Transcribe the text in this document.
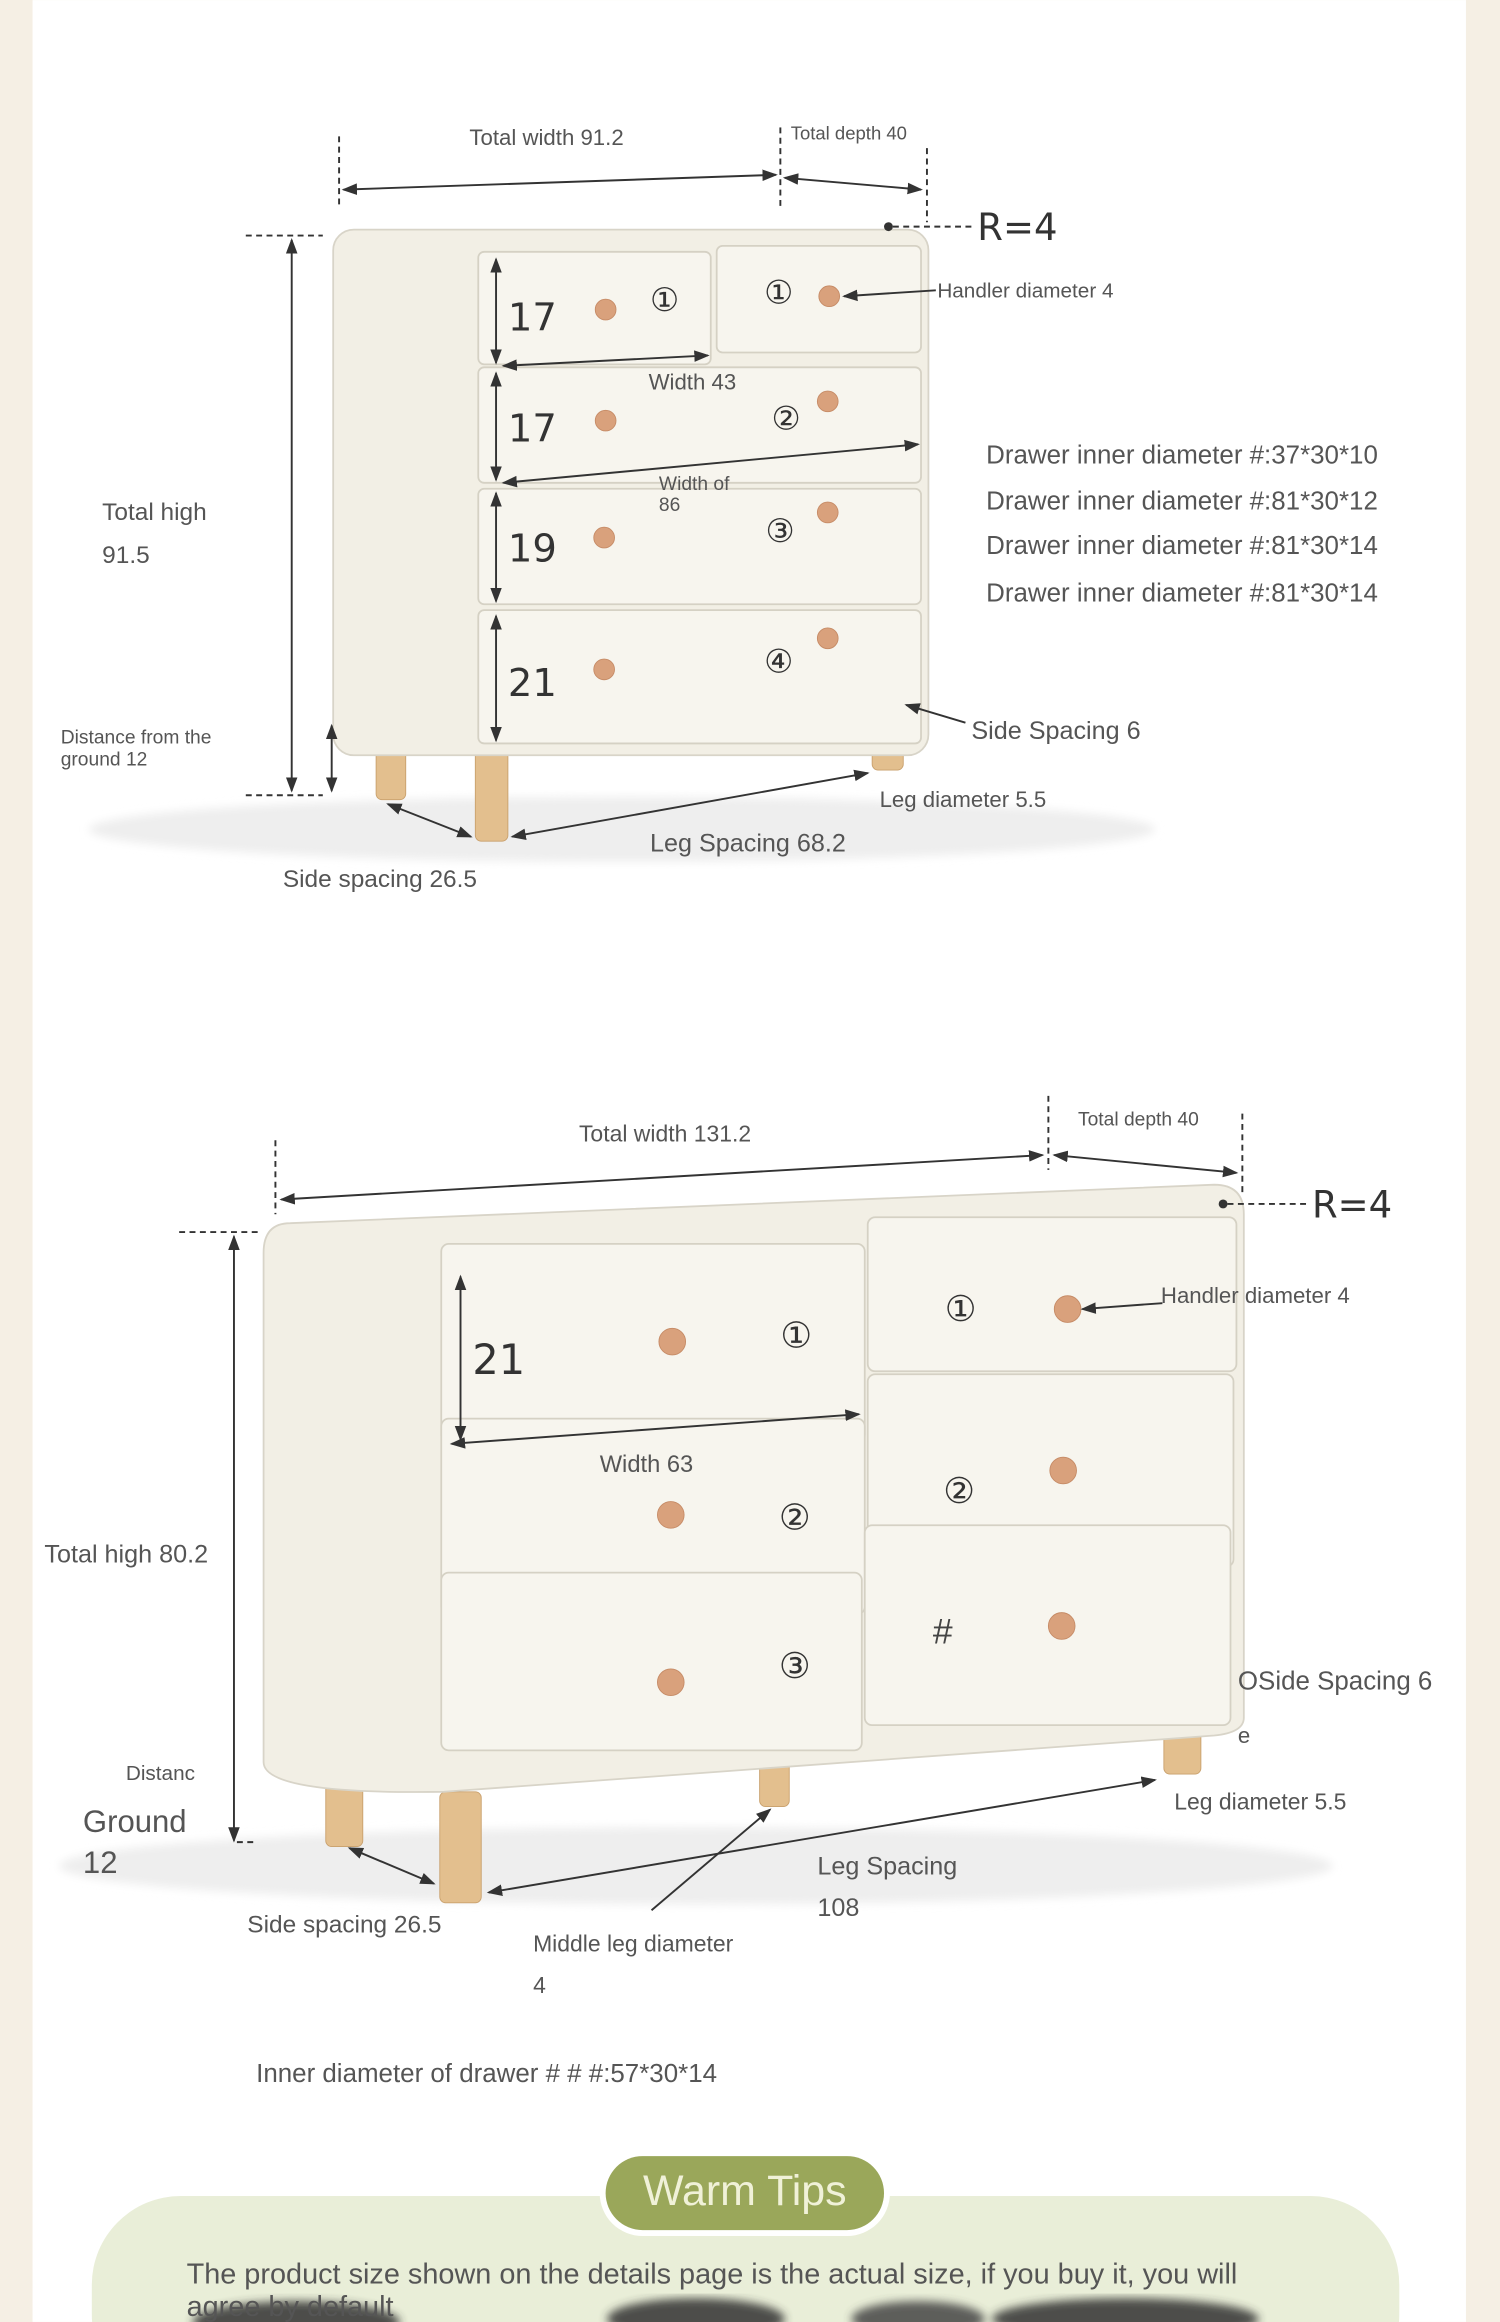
Total width 91.2	Total depth 40
R=4
Handler diameter 4
17
17
19
21
①	①
②
③
④
Width 43
Width of
86
Total high
91.5
Drawer inner diameter #:37*30*10
Drawer inner diameter #:81*30*12
Drawer inner diameter #:81*30*14
Drawer inner diameter #:81*30*14
Distance from the
ground 12
Side Spacing 6
Leg diameter 5.5
Leg Spacing 68.2
Side spacing 26.5
Total width 131.2
Total depth 40
R=4
Handler diameter 4
21
①
①
②
②
③
#
Width 63
Total high 80.2
Distanc
Ground
12
OSide Spacing 6
e
Leg diameter 5.5
Leg Spacing
108
Side spacing 26.5
Middle leg diameter
4
Inner diameter of drawer # # #:57*30*14
Warm Tips
The product size shown on the details page is the actual size, if you buy it, you will
agree by default
